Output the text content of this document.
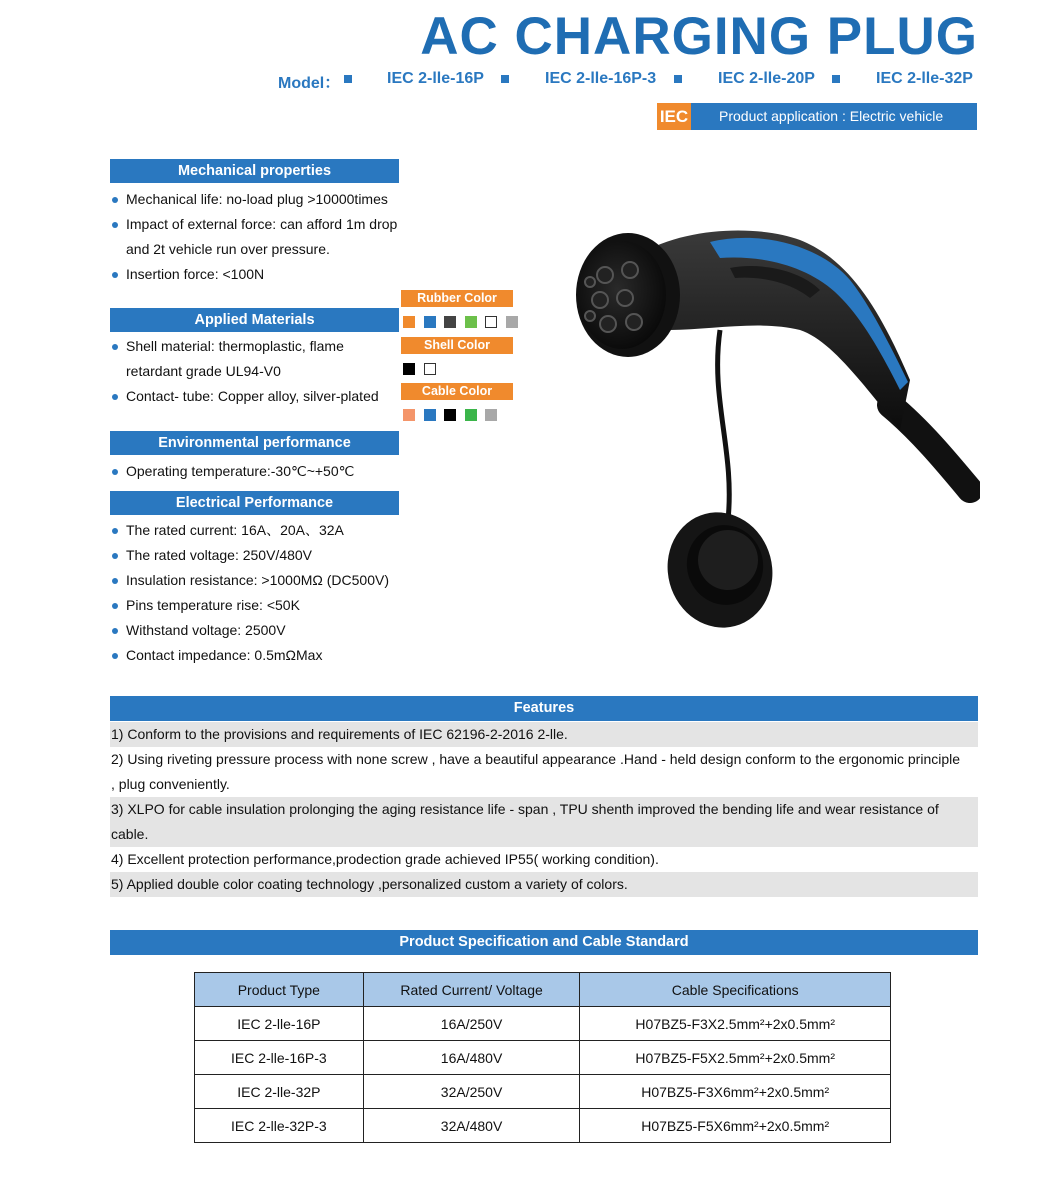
AC CHARGING PLUG
Model：	IEC 2-lle-16P	IEC 2-lle-16P-3	IEC 2-lle-20P	IEC 2-lle-32P
IEC Product application : Electric vehicle
Mechanical properties
Mechanical life: no-load plug >10000times
Impact of external force: can afford 1m drop
and 2t vehicle run over pressure.
Insertion force: <100N
Applied Materials
Shell material: thermoplastic, flame
retardant grade UL94-V0
Contact- tube: Copper alloy, silver-plated
Environmental performance
Operating temperature:-30℃~+50℃
Electrical Performance
The rated current: 16A、20A、32A
The rated voltage: 250V/480V
Insulation resistance: >1000MΩ (DC500V)
Pins temperature rise: <50K
Withstand voltage: 2500V
Contact impedance: 0.5mΩMax
Rubber Color
Shell Color
Cable Color
Features
1) Conform to the provisions and requirements of IEC 62196-2-2016 2-lle.
2) Using riveting pressure process with none screw , have a beautiful appearance .Hand - held design conform to the ergonomic principle
, plug conveniently.
3) XLPO for cable insulation prolonging the aging resistance life - span , TPU shenth improved the bending life and wear resistance of
cable.
4) Excellent protection performance,prodection grade achieved IP55( working condition).
5) Applied double color coating technology ,personalized custom a variety of colors.
Product Specification and Cable Standard
Product Type	Rated Current/ Voltage	Cable Specifications
IEC 2-lle-16P	16A/250V	H07BZ5-F3X2.5mm²+2x0.5mm²
IEC 2-lle-16P-3	16A/480V	H07BZ5-F5X2.5mm²+2x0.5mm²
IEC 2-lle-32P	32A/250V	H07BZ5-F3X6mm²+2x0.5mm²
IEC 2-lle-32P-3	32A/480V	H07BZ5-F5X6mm²+2x0.5mm²
